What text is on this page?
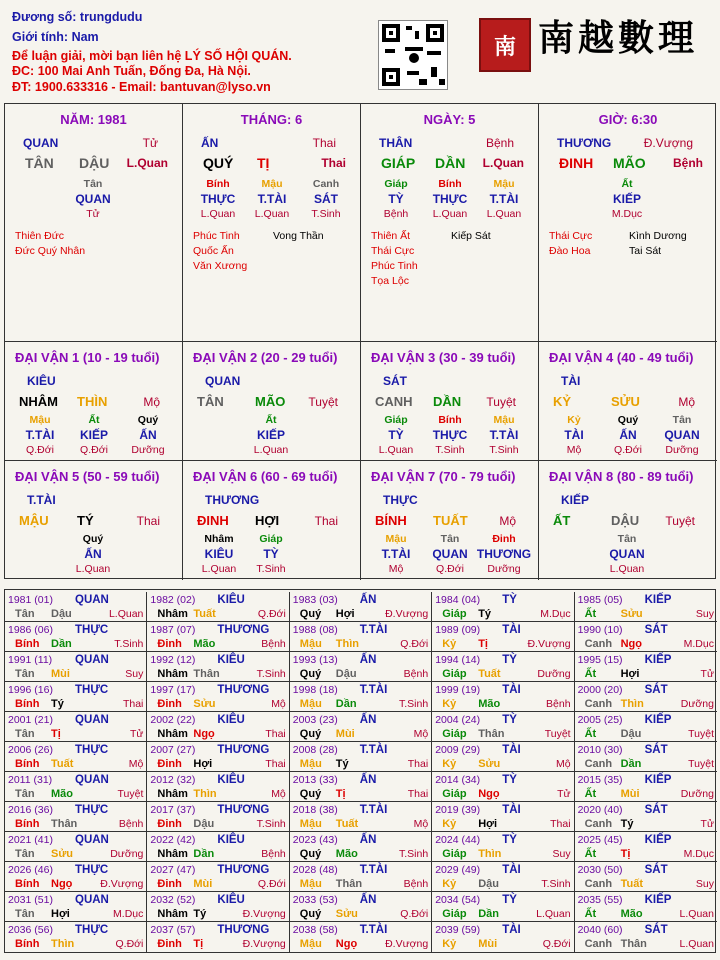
Đương số: trungdudu
Giới tính: Nam
Để luận giải, mời bạn liên hệ LÝ SỐ HỘI QUÁN.
ĐC: 100 Mai Anh Tuấn, Đống Đa, Hà Nội.
ĐT: 1900.633316 - Email: bantuvan@lyso.vn
南 南越數理
NĂM: 1981
QUAN	Tử
TÂN DẬU L.Quan
Tân
QUAN
Tử
Thiên Đức
Đức Quý Nhân
THÁNG: 6
ẤN	Thai
QUÝ TỊ	Thai
Bính
THỰC
L.Quan
Mậu
T.TÀI
L.Quan
Canh
SÁT
T.Sinh
Phúc Tinh
Quốc Ấn
Văn Xương
Vong Thần
NGÀY: 5
THÂN	Bệnh
GIÁP DẦN L.Quan
Giáp
TỲ
Bệnh
Bính
THỰC
L.Quan
Mậu
T.TÀI
L.Quan
Thiên Ất
Thái Cực
Phúc Tinh
Tọa Lộc
Kiếp Sát
GIỜ: 6:30
THƯƠNG	Đ.Vượng
ĐINH MÃO Bệnh
Ất
KIẾP
M.Dục
Thái Cực
Đào Hoa
Kình Dương
Tai Sát
ĐẠI VẬN 1 (10 - 19 tuổi)
KIÊU
NHÂM THÌN	Mộ
Mậu
T.TÀI
Q.Đới
Ất
KIẾP
Q.Đới
Quý
ẤN
Dưỡng
ĐẠI VẬN 2 (20 - 29 tuổi)
QUAN
TÂN MÃO Tuyệt
Ất
KIẾP
L.Quan
ĐẠI VẬN 3 (30 - 39 tuổi)
SÁT
CANH DẦN Tuyệt
Giáp
TỲ
L.Quan
Bính
THỰC
T.Sinh
Mậu
T.TÀI
T.Sinh
ĐẠI VẬN 4 (40 - 49 tuổi)
TÀI
KỶ	SỬU	Mộ
Kỷ
TÀI
Mộ
Quý
ẤN
Q.Đới
Tân
QUAN
Dưỡng
ĐẠI VẬN 5 (50 - 59 tuổi)
T.TÀI
MẬU TÝ	Thai
Quý
ẤN
L.Quan
ĐẠI VẬN 6 (60 - 69 tuổi)
THƯƠNG
ĐINH HỢI	Thai
Nhâm
KIÊU
L.Quan
Giáp
TỲ
T.Sinh
ĐẠI VẬN 7 (70 - 79 tuổi)
THỰC
BÍNH TUẤT	Mộ
Mậu
T.TÀI
Mộ
Tân
QUAN
Q.Đới
Đinh
THƯƠNG
Dưỡng
ĐẠI VẬN 8 (80 - 89 tuổi)
KIẾP
ẤT	DẬU Tuyệt
Tân
QUAN
L.Quan
1981 (01) QUAN
Tân Dậu	L.Quan
1982 (02) KIÊU
Nhâm Tuất	Q.Đới
1983 (03) ẤN
Quý Hợi	Đ.Vượng
1984 (04) TỲ
Giáp Tý	M.Dục
1985 (05) KIẾP
Ất Sửu	Suy
1986 (06) THỰC
Bính Dần	T.Sinh
1987 (07) THƯƠNG
Đinh Mão	Bệnh
1988 (08) T.TÀI
Mậu Thìn	Q.Đới
1989 (09) TÀI
Kỷ Tị	Đ.Vượng
1990 (10) SÁT
Canh Ngọ	M.Dục
1991 (11) QUAN
Tân Mùi	Suy
1992 (12) KIÊU
Nhâm Thân	T.Sinh
1993 (13) ẤN
Quý Dậu	Bệnh
1994 (14) TỲ
Giáp Tuất	Dưỡng
1995 (15) KIẾP
Ất Hợi	Tử
1996 (16) THỰC
Bính Tý	Thai
1997 (17) THƯƠNG
Đinh Sửu	Mộ
1998 (18) T.TÀI
Mậu Dần	T.Sinh
1999 (19) TÀI
Kỷ Mão	Bệnh
2000 (20) SÁT
Canh Thìn	Dưỡng
2001 (21) QUAN
Tân Tị	Tử
2002 (22) KIÊU
Nhâm Ngọ	Thai
2003 (23) ẤN
Quý Mùi	Mộ
2004 (24) TỲ
Giáp Thân	Tuyệt
2005 (25) KIẾP
Ất Dậu	Tuyệt
2006 (26) THỰC
Bính Tuất	Mộ
2007 (27) THƯƠNG
Đinh Hợi	Thai
2008 (28) T.TÀI
Mậu Tý	Thai
2009 (29) TÀI
Kỷ Sửu	Mộ
2010 (30) SÁT
Canh Dần	Tuyệt
2011 (31) QUAN
Tân Mão	Tuyệt
2012 (32) KIÊU
Nhâm Thìn	Mộ
2013 (33) ẤN
Quý Tị	Thai
2014 (34) TỲ
Giáp Ngọ	Tử
2015 (35) KIẾP
Ất Mùi	Dưỡng
2016 (36) THỰC
Bính Thân	Bệnh
2017 (37) THƯƠNG
Đinh Dậu	T.Sinh
2018 (38) T.TÀI
Mậu Tuất	Mộ
2019 (39) TÀI
Kỷ Hợi	Thai
2020 (40) SÁT
Canh Tý	Tử
2021 (41) QUAN
Tân Sửu	Dưỡng
2022 (42) KIÊU
Nhâm Dần	Bệnh
2023 (43) ẤN
Quý Mão	T.Sinh
2024 (44) TỲ
Giáp Thìn	Suy
2025 (45) KIẾP
Ất Tị	M.Dục
2026 (46) THỰC
Bính Ngọ	Đ.Vượng
2027 (47) THƯƠNG
Đinh Mùi	Q.Đới
2028 (48) T.TÀI
Mậu Thân	Bệnh
2029 (49) TÀI
Kỷ Dậu	T.Sinh
2030 (50) SÁT
Canh Tuất	Suy
2031 (51) QUAN
Tân Hợi	M.Dục
2032 (52) KIÊU
Nhâm Tý	Đ.Vượng
2033 (53) ẤN
Quý Sửu	Q.Đới
2034 (54) TỲ
Giáp Dần	L.Quan
2035 (55) KIẾP
Ất Mão	L.Quan
2036 (56) THỰC
Bính Thìn	Q.Đới
2037 (57) THƯƠNG
Đinh Tị	Đ.Vượng
2038 (58) T.TÀI
Mậu Ngọ	Đ.Vượng
2039 (59) TÀI
Kỷ Mùi	Q.Đới
2040 (60) SÁT
Canh Thân	L.Quan
